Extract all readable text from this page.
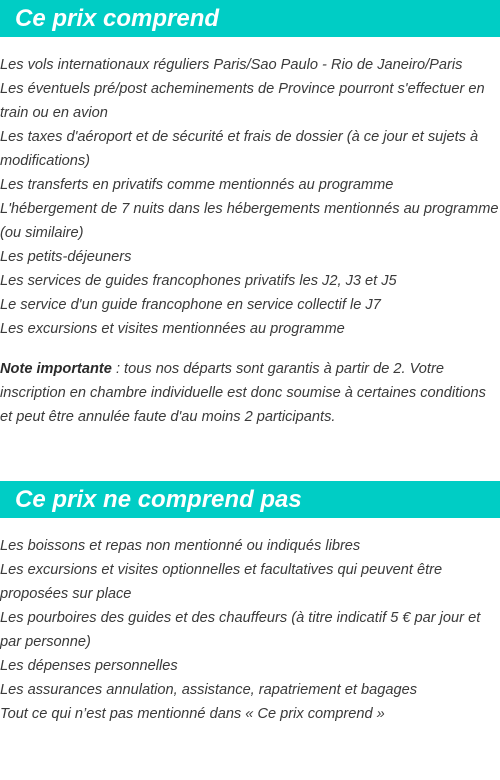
Ce prix comprend
Les vols internationaux réguliers Paris/Sao Paulo - Rio de Janeiro/Paris
Les éventuels pré/post acheminements de Province pourront s'effectuer en train ou en avion
Les taxes d'aéroport et de sécurité et frais de dossier (à ce jour et sujets à modifications)
Les transferts en privatifs comme mentionnés au programme
L'hébergement de 7 nuits dans les hébergements mentionnés au programme (ou similaire)
Les petits-déjeuners
Les services de guides francophones privatifs les J2, J3 et J5
Le service d'un guide francophone en service collectif le J7
Les excursions et visites mentionnées au programme

Note importante : tous nos départs sont garantis à partir de 2. Votre inscription en chambre individuelle est donc soumise à certaines conditions et peut être annulée faute d'au moins 2 participants.

Ce prix ne comprend pas
Les boissons et repas non mentionné ou indiqués libres
Les excursions et visites optionnelles et facultatives qui peuvent être proposées sur place
Les pourboires des guides et des chauffeurs (à titre indicatif 5 € par jour et par personne)
Les dépenses personnelles
Les assurances annulation, assistance, rapatriement et bagages
Tout ce qui n’est pas mentionné dans « Ce prix comprend »
